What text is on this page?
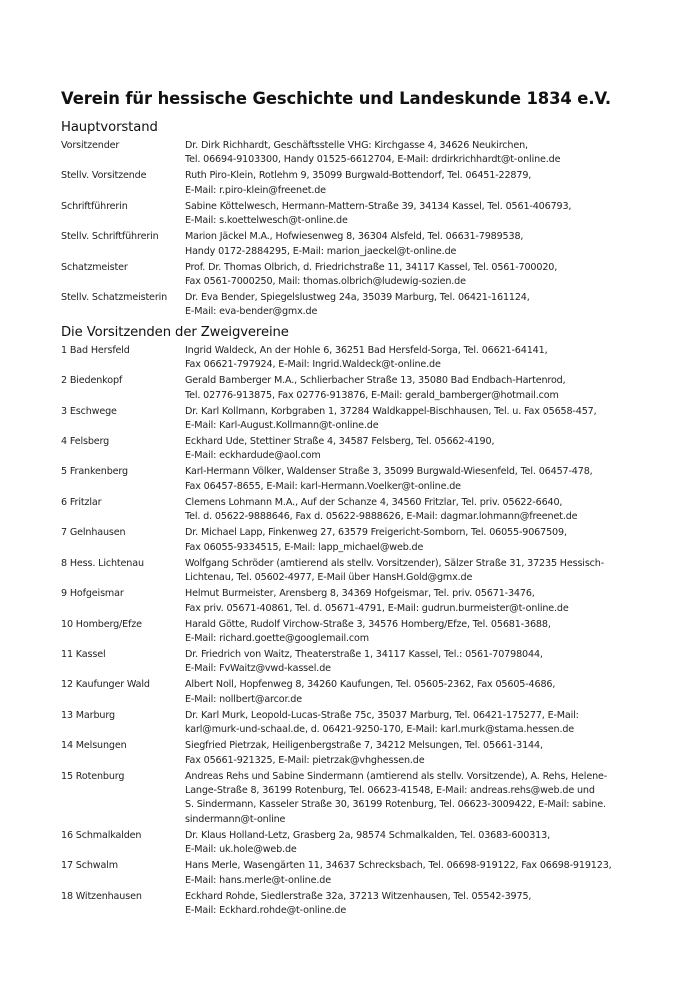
Verein für hessische Geschichte und Landeskunde 1834 e.V.
Hauptvorstand
Vorsitzender	Dr. Dirk Richhardt, Geschäftsstelle VHG: Kirchgasse 4, 34626 Neukirchen,
Tel. 06694-9103300, Handy 01525-6612704, E-Mail: drdirkrichhardt@t-online.de
Stellv. Vorsitzende	Ruth Piro-Klein, Rotlehm 9, 35099 Burgwald-Bottendorf, Tel. 06451-22879,
E-Mail: r.piro-klein@freenet.de
Schriftführerin	Sabine Köttelwesch, Hermann-Mattern-Straße 39, 34134 Kassel, Tel. 0561-406793,
E-Mail: s.koettelwesch@t-online.de
Stellv. Schriftführerin	Marion Jäckel M.A., Hofwiesenweg 8, 36304 Alsfeld, Tel. 06631-7989538,
Handy 0172-2884295, E-Mail: marion_jaeckel@t-online.de
Schatzmeister	Prof. Dr. Thomas Olbrich, d. Friedrichstraße 11, 34117 Kassel, Tel. 0561-700020,
Fax 0561-7000250, Mail: thomas.olbrich@ludewig-sozien.de
Stellv. Schatzmeisterin	Dr. Eva Bender, Spiegelslustweg 24a, 35039 Marburg, Tel. 06421-161124,
E-Mail: eva-bender@gmx.de
Die Vorsitzenden der Zweigvereine
1 Bad Hersfeld	Ingrid Waldeck, An der Hohle 6, 36251 Bad Hersfeld-Sorga, Tel. 06621-64141,
Fax 06621-797924, E-Mail: Ingrid.Waldeck@t-online.de
2 Biedenkopf	Gerald Bamberger M.A., Schlierbacher Straße 13, 35080 Bad Endbach-Hartenrod,
Tel. 02776-913875, Fax 02776-913876, E-Mail: gerald_bamberger@hotmail.com
3 Eschwege	Dr. Karl Kollmann, Korbgraben 1, 37284 Waldkappel-Bischhausen, Tel. u. Fax 05658-457,
E-Mail: Karl-August.Kollmann@t-online.de
4 Felsberg	Eckhard Ude, Stettiner Straße 4, 34587 Felsberg, Tel. 05662-4190,
E-Mail: eckhardude@aol.com
5 Frankenberg	Karl-Hermann Völker, Waldenser Straße 3, 35099 Burgwald-Wiesenfeld, Tel. 06457-478,
Fax 06457-8655, E-Mail: karl-Hermann.Voelker@t-online.de
6 Fritzlar	Clemens Lohmann M.A., Auf der Schanze 4, 34560 Fritzlar, Tel. priv. 05622-6640,
Tel. d. 05622-9888646, Fax d. 05622-9888626, E-Mail: dagmar.lohmann@freenet.de
7 Gelnhausen	Dr. Michael Lapp, Finkenweg 27, 63579 Freigericht-Somborn, Tel. 06055-9067509,
Fax 06055-9334515, E-Mail: lapp_michael@web.de
8 Hess. Lichtenau	Wolfgang Schröder (amtierend als stellv. Vorsitzender), Sälzer Straße 31, 37235 Hessisch-
Lichtenau, Tel. 05602-4977, E-Mail über HansH.Gold@gmx.de
9 Hofgeismar	Helmut Burmeister, Arensberg 8, 34369 Hofgeismar, Tel. priv. 05671-3476,
Fax priv. 05671-40861, Tel. d. 05671-4791, E-Mail: gudrun.burmeister@t-online.de
10 Homberg/Efze	Harald Götte, Rudolf Virchow-Straße 3, 34576 Homberg/Efze, Tel. 05681-3688,
E-Mail: richard.goette@googlemail.com
11 Kassel	Dr. Friedrich von Waitz, Theaterstraße 1, 34117 Kassel, Tel.: 0561-70798044,
E-Mail: FvWaitz@vwd-kassel.de
12 Kaufunger Wald	Albert Noll, Hopfenweg 8, 34260 Kaufungen, Tel. 05605-2362, Fax 05605-4686,
E-Mail: nollbert@arcor.de
13 Marburg	Dr. Karl Murk, Leopold-Lucas-Straße 75c, 35037 Marburg, Tel. 06421-175277, E-Mail:
karl@murk-und-schaal.de, d. 06421-9250-170, E-Mail: karl.murk@stama.hessen.de
14 Melsungen	Siegfried Pietrzak, Heiligenbergstraße 7, 34212 Melsungen, Tel. 05661-3144,
Fax 05661-921325, E-Mail: pietrzak@vhghessen.de
15 Rotenburg	Andreas Rehs und Sabine Sindermann (amtierend als stellv. Vorsitzende), A. Rehs, Helene-
Lange-Straße 8, 36199 Rotenburg, Tel. 06623-41548, E-Mail: andreas.rehs@web.de und
S. Sindermann, Kasseler Straße 30, 36199 Rotenburg, Tel. 06623-3009422, E-Mail: sabine.
sindermann@t-online
16 Schmalkalden	Dr. Klaus Holland-Letz, Grasberg 2a, 98574 Schmalkalden, Tel. 03683-600313,
E-Mail: uk.hole@web.de
17 Schwalm	Hans Merle, Wasengärten 11, 34637 Schrecksbach, Tel. 06698-919122, Fax 06698-919123,
E-Mail: hans.merle@t-online.de
18 Witzenhausen	Eckhard Rohde, Siedlerstraße 32a, 37213 Witzenhausen, Tel. 05542-3975,
E-Mail: Eckhard.rohde@t-online.de
